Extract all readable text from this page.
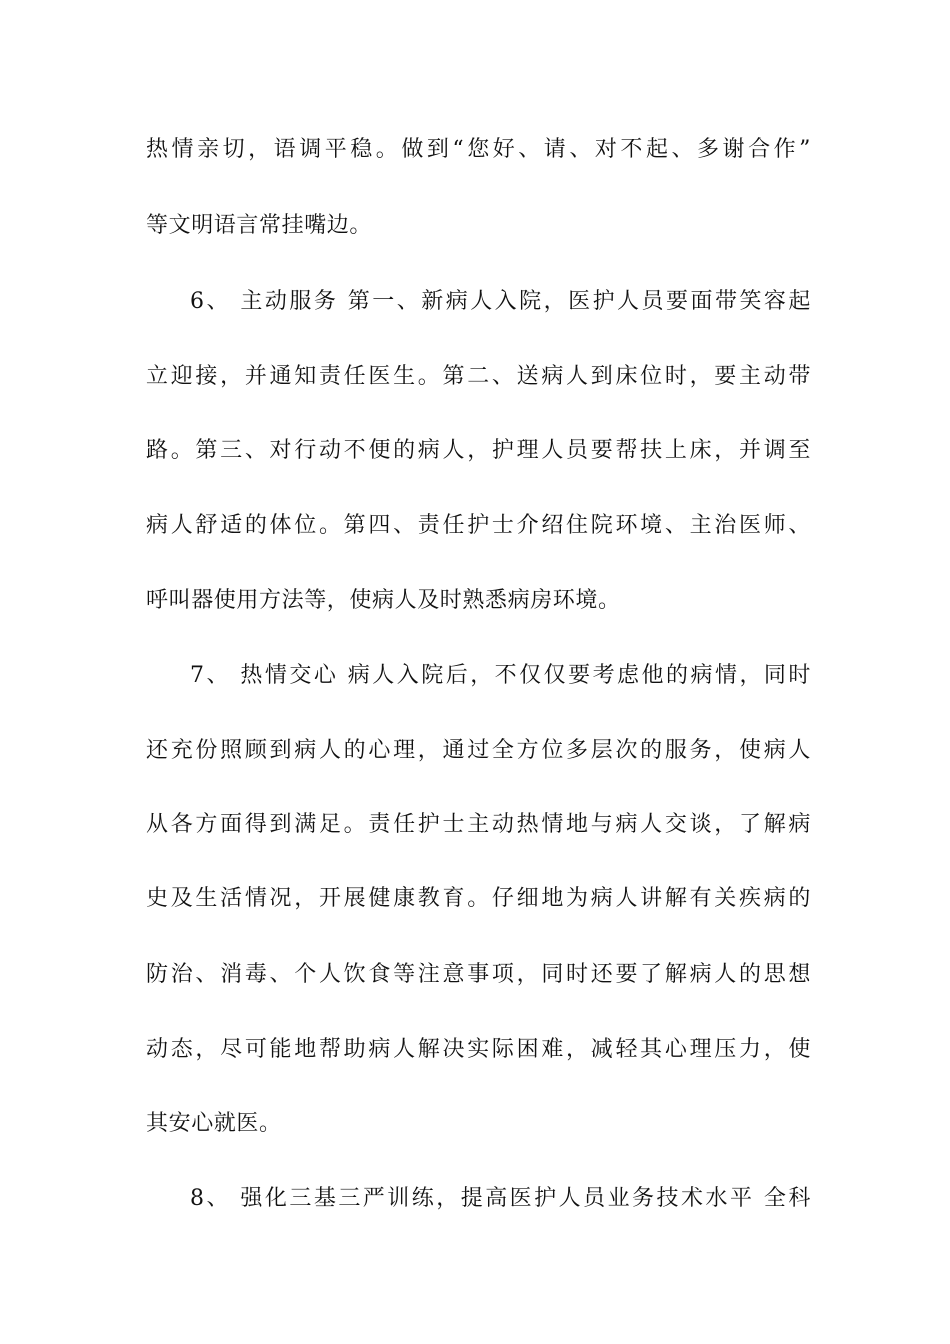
热情亲切，语调平稳。做到“您好、请、对不起、多谢合作”
等文明语言常挂嘴边。
6、 主动服务 第一、新病人入院，医护人员要面带笑容起
立迎接，并通知责任医生。第二、送病人到床位时，要主动带
路。第三、对行动不便的病人，护理人员要帮扶上床，并调至
病人舒适的体位。第四、责任护士介绍住院环境、主治医师、
呼叫器使用方法等，使病人及时熟悉病房环境。
7、 热情交心 病人入院后，不仅仅要考虑他的病情，同时
还充份照顾到病人的心理，通过全方位多层次的服务，使病人
从各方面得到满足。责任护士主动热情地与病人交谈，了解病
史及生活情况，开展健康教育。仔细地为病人讲解有关疾病的
防治、消毒、个人饮食等注意事项，同时还要了解病人的思想
动态，尽可能地帮助病人解决实际困难，减轻其心理压力，使
其安心就医。
8、 强化三基三严训练，提高医护人员业务技术水平 全科
